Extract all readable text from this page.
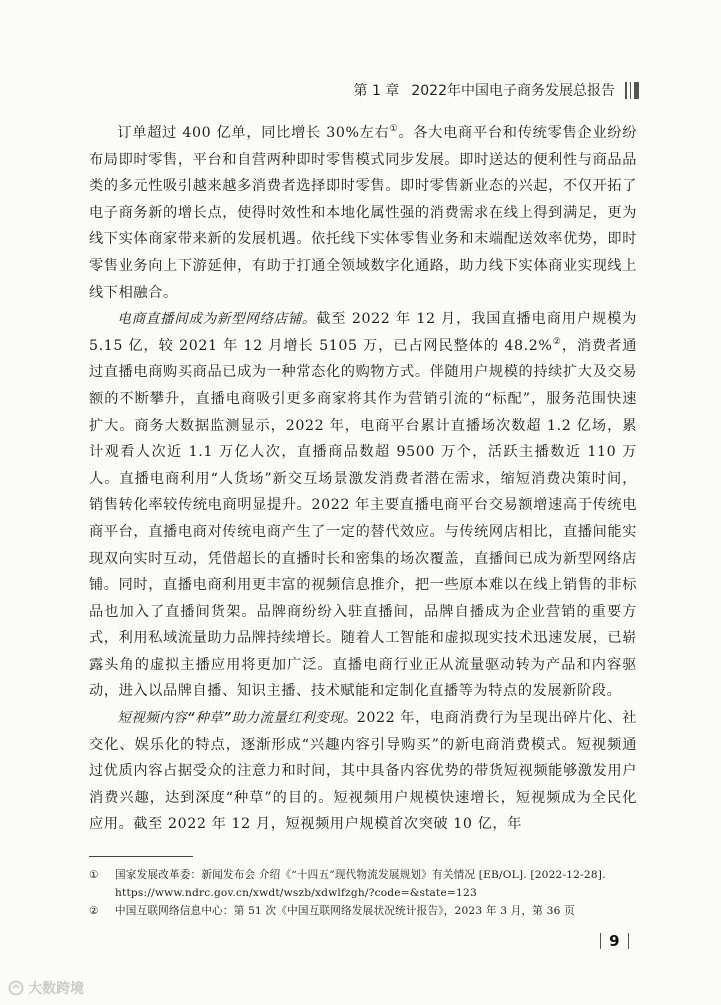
第 1 章 2022年中国电子商务发展总报告

订单超过 400 亿单，同比增长 30%左右①。各大电商平台和传统零售企业纷纷布局即时零售，平台和自营两种即时零售模式同步发展。即时送达的便利性与商品品类的多元性吸引越来越多消费者选择即时零售。即时零售新业态的兴起，不仅开拓了电子商务新的增长点，使得时效性和本地化属性强的消费需求在线上得到满足，更为线下实体商家带来新的发展机遇。依托线下实体零售业务和末端配送效率优势，即时零售业务向上下游延伸，有助于打通全领域数字化通路，助力线下实体商业实现线上线下相融合。

电商直播间成为新型网络店铺。截至 2022 年 12 月，我国直播电商用户规模为 5.15 亿，较 2021 年 12 月增长 5105 万，已占网民整体的 48.2%②，消费者通过直播电商购买商品已成为一种常态化的购物方式。伴随用户规模的持续扩大及交易额的不断攀升，直播电商吸引更多商家将其作为营销引流的“标配”，服务范围快速扩大。商务大数据监测显示，2022 年，电商平台累计直播场次数超 1.2 亿场，累计观看人次近 1.1 万亿人次，直播商品数超 9500 万个，活跃主播数近 110 万人。直播电商利用“人货场”新交互场景激发消费者潜在需求，缩短消费决策时间，销售转化率较传统电商明显提升。2022 年主要直播电商平台交易额增速高于传统电商平台，直播电商对传统电商产生了一定的替代效应。与传统网店相比，直播间能实现双向实时互动，凭借超长的直播时长和密集的场次覆盖，直播间已成为新型网络店铺。同时，直播电商利用更丰富的视频信息推介，把一些原本难以在线上销售的非标品也加入了直播间货架。品牌商纷纷入驻直播间，品牌自播成为企业营销的重要方式，利用私域流量助力品牌持续增长。随着人工智能和虚拟现实技术迅速发展，已崭露头角的虚拟主播应用将更加广泛。直播电商行业正从流量驱动转为产品和内容驱动，进入以品牌自播、知识主播、技术赋能和定制化直播等为特点的发展新阶段。

短视频内容“种草”助力流量红利变现。2022 年，电商消费行为呈现出碎片化、社交化、娱乐化的特点，逐渐形成“兴趣内容引导购买”的新电商消费模式。短视频通过优质内容占据受众的注意力和时间，其中具备内容优势的带货短视频能够激发用户消费兴趣，达到深度“种草”的目的。短视频用户规模快速增长，短视频成为全民化应用。截至 2022 年 12 月，短视频用户规模首次突破 10 亿，年

①	国家发展改革委：新闻发布会 介绍《“十四五”现代物流发展规划》有关情况 [EB/OL]. [2022-12-28]. https://www.ndrc.gov.cn/xwdt/wszb/xdwlfzgh/?code=&state=123
②	中国互联网络信息中心：第 51 次《中国互联网络发展状况统计报告》，2023 年 3 月，第 36 页
9
大数跨境
